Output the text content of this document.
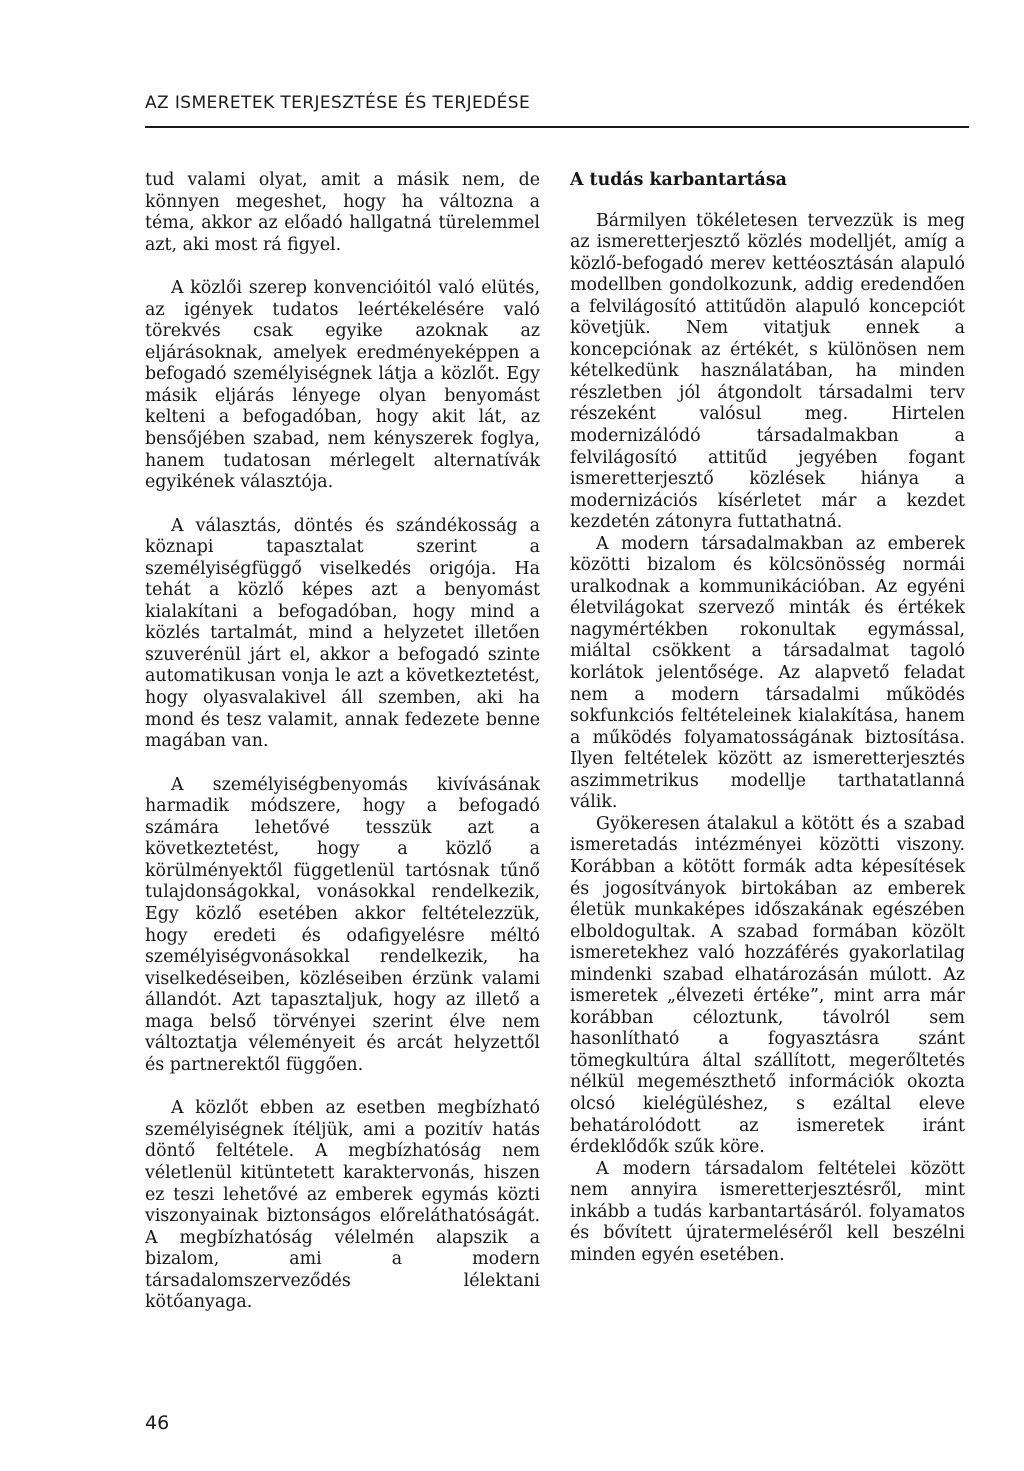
AZ ISMERETEK TERJESZTÉSE ÉS TERJEDÉSE

tud valami olyat, amit a másik nem, de könnyen megeshet, hogy ha változna a téma, akkor az előadó hallgatná türelemmel azt, aki most rá figyel.

A közlői szerep konvencióitól való elütés, az igények tudatos leértékelésére való törekvés csak egyike azoknak az eljárásoknak, amelyek eredményeképpen a befogadó személyiségnek látja a közlőt. Egy másik eljárás lényege olyan benyomást kelteni a befogadóban, hogy akit lát, az bensőjében szabad, nem kényszerek foglya, hanem tudatosan mérlegelt alternatívák egyikének választója.

A választás, döntés és szándékosság a köznapi tapasztalat szerint a személyiségfüggő viselkedés origója. Ha tehát a közlő képes azt a benyomást kialakítani a befogadóban, hogy mind a közlés tartalmát, mind a helyzetet illetően szuverénül járt el, akkor a befogadó szinte automatikusan vonja le azt a következtetést, hogy olyasvalakivel áll szemben, aki ha mond és tesz valamit, annak fedezete benne magában van.

A személyiségbenyomás kivívásának harmadik módszere, hogy a befogadó számára lehetővé tesszük azt a következtetést, hogy a közlő a körülményektől függetlenül tartósnak tűnő tulajdonságokkal, vonásokkal rendelkezik, Egy közlő esetében akkor feltételezzük, hogy eredeti és odafigyelésre méltó személyiségvonásokkal rendelkezik, ha viselkedéseiben, közléseiben érzünk valami állandót. Azt tapasztaljuk, hogy az illető a maga belső törvényei szerint élve nem változtatja véleményeit és arcát helyzettől és partnerektől függően.

A közlőt ebben az esetben megbízható személyiségnek ítéljük, ami a pozitív hatás döntő feltétele. A megbízhatóság nem véletlenül kitüntetett karaktervonás, hiszen ez teszi lehetővé az emberek egymás közti viszonyainak biztonságos előreláthatóságát. A megbízhatóság vélelmén alapszik a bizalom, ami a modern társadalomszerveződés lélektani kötőanyaga.

A tudás karbantartása

Bármilyen tökéletesen tervezzük is meg az ismeretterjesztő közlés modelljét, amíg a közlő-befogadó merev kettéosztásán alapuló modellben gondolkozunk, addig eredendően a felvilágosító attitűdön alapuló koncepciót követjük. Nem vitatjuk ennek a koncepciónak az értékét, s különösen nem kételkedünk használatában, ha minden részletben jól átgondolt társadalmi terv részeként valósul meg. Hirtelen modernizálódó társadalmakban a felvilágosító attitűd jegyében fogant ismeretterjesztő közlések hiánya a modernizációs kísérletet már a kezdet kezdetén zátonyra futtathatná.

A modern társadalmakban az emberek közötti bizalom és kölcsönösség normái uralkodnak a kommunikációban. Az egyéni életvilágokat szervező minták és értékek nagymértékben rokonultak egymással, miáltal csökkent a társadalmat tagoló korlátok jelentősége. Az alapvető feladat nem a modern társadalmi működés sokfunkciós feltételeinek kialakítása, hanem a működés folyamatosságának biztosítása. Ilyen feltételek között az ismeretterjesztés aszimmetrikus modellje tarthatatlanná válik.

Gyökeresen átalakul a kötött és a szabad ismeretadás intézményei közötti viszony. Korábban a kötött formák adta képesítések és jogosítványok birtokában az emberek életük munkaképes időszakának egészében elboldogultak. A szabad formában közölt ismeretekhez való hozzáférés gyakorlatilag mindenki szabad elhatározásán múlott. Az ismeretek „élvezeti értéke”, mint arra már korábban céloztunk, távolról sem hasonlítható a fogyasztásra szánt tömegkultúra által szállított, megerőltetés nélkül megemészthető információk okozta olcsó kielégüléshez, s ezáltal eleve behatárolódott az ismeretek iránt érdeklődők szűk köre.

A modern társadalom feltételei között nem annyira ismeretterjesztésről, mint inkább a tudás karbantartásáról. folyamatos és bővített újratermeléséről kell beszélni minden egyén esetében.

46
